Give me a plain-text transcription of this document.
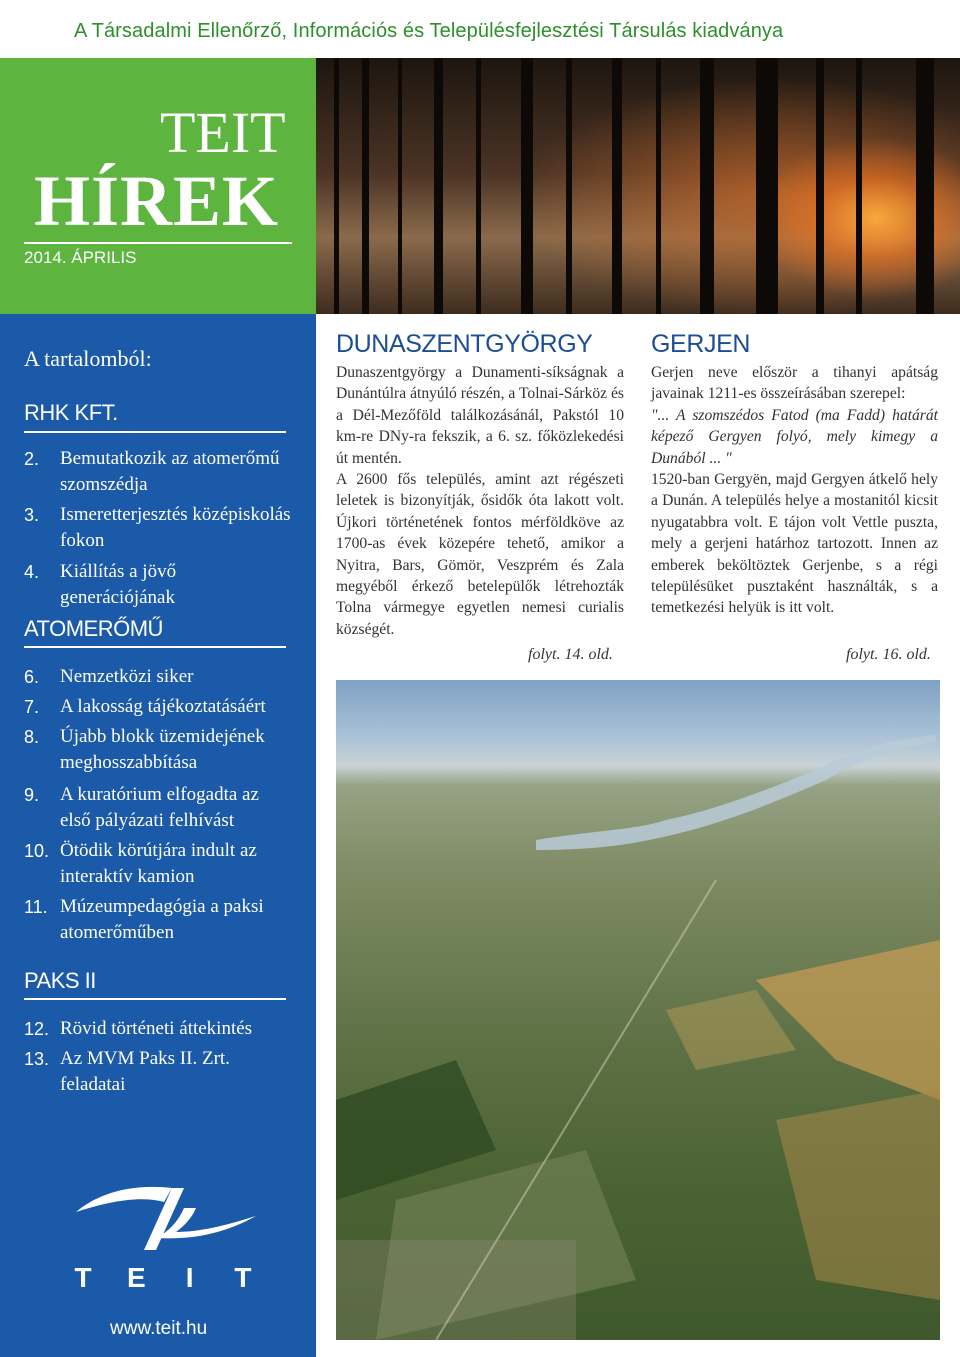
A Társadalmi Ellenőrző, Információs és Településfejlesztési Társulás kiadványa
TEIT
HÍREK
2014. ÁPRILIS
A tartalomból:
RHK KFT.
2. Bemutatkozik az atomerőmű szomszédja
3. Ismeretterjesztés középiskolás fokon
4. Kiállítás a jövő generációjának
ATOMERŐMŰ
6. Nemzetközi siker
7. A lakosság tájékoztatásáért
8. Újabb blokk üzemidejének meghosszabbítása
9. A kuratórium elfogadta az első pályázati felhívást
10. Ötödik körútjára indult az interaktív kamion
11. Múzeumpedagógia a paksi atomerőműben
PAKS II
12. Rövid történeti áttekintés
13. Az MVM Paks II. Zrt. feladatai
T E	I	T
www.teit.hu
DUNASZENTGYÖRGY

Dunaszentgyörgy a Dunamenti-síkságnak a Dunántúlra átnyúló részén, a Tolnai-Sárköz és a Dél-Mezőföld találkozásánál, Pakstól 10 km-re DNy-ra fekszik, a 6. sz. főközlekedési út mentén.

A 2600 fős település, amint azt régészeti leletek is bizonyítják, ősidők óta lakott volt. Újkori történetének fontos mérföldköve az 1700-as évek közepére tehető, amikor a Nyitra, Bars, Gömör, Veszprém és Zala megyéből érkező betelepülők létrehozták Tolna vármegye egyetlen nemesi curialis községét.

folyt. 14. old.
GERJEN

Gerjen neve először a tihanyi apátság javainak 1211-es összeírásában szerepel:

"... A szomszédos Fatod (ma Fadd) határát képező Gergyen folyó, mely kimegy a Dunából ... "

1520-ban Gergyën, majd Gergyen átkelő hely a Dunán. A település helye a mostanitól kicsit nyugatabbra volt. E tájon volt Vettle puszta, mely a gerjeni határhoz tartozott. Innen az emberek beköltöztek Gerjenbe, s a régi településüket pusztaként használták, s a temetkezési helyük is itt volt.

folyt. 16. old.
